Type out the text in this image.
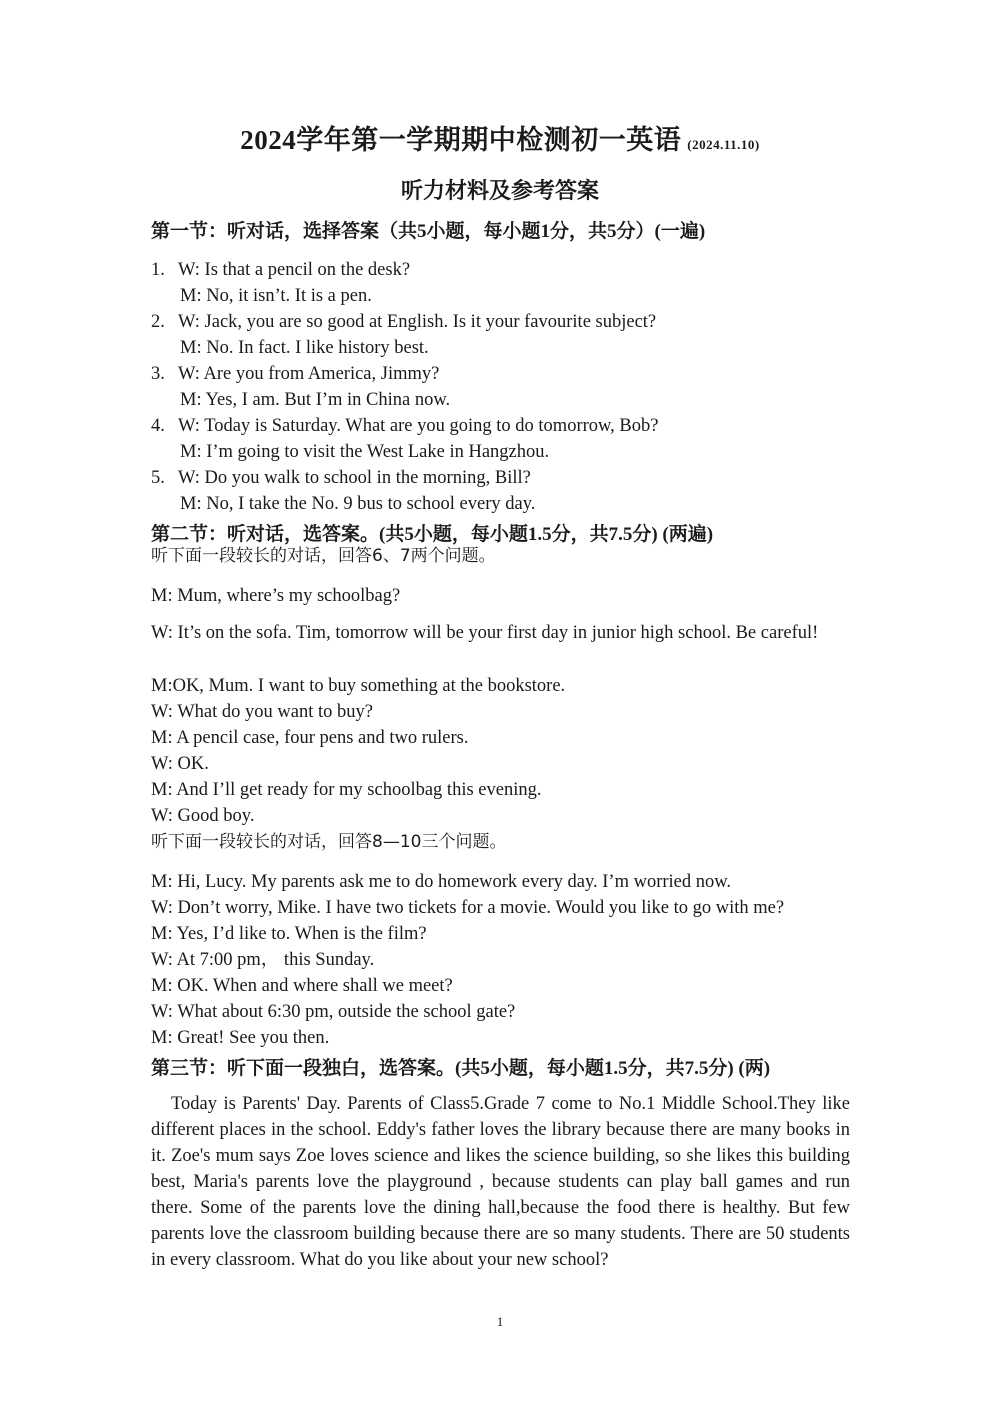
2024学年第一学期期中检测初一英语 (2024.11.10)
听力材料及参考答案
第一节：听对话，选择答案（共5小题，每小题1分，共5分）(一遍)
1. W: Is that a pencil on the desk?
M: No, it isn’t. It is a pen.
2. W: Jack, you are so good at English. Is it your favourite subject?
M: No. In fact. I like history best.
3. W: Are you from America, Jimmy?
M: Yes, I am. But I’m in China now.
4. W: Today is Saturday. What are you going to do tomorrow, Bob?
M: I’m going to visit the West Lake in Hangzhou.
5. W: Do you walk to school in the morning, Bill?
M: No, I take the No. 9 bus to school every day.
第二节：听对话，选答案。(共5小题，每小题1.5分，共7.5分) (两遍)
听下面一段较长的对话，回答6、7两个问题。
M: Mum, where’s my schoolbag?
W: It’s on the sofa. Tim, tomorrow will be your first day in junior high school. Be careful!
M:OK, Mum. I want to buy something at the bookstore.
W: What do you want to buy?
M: A pencil case, four pens and two rulers.
W: OK.
M: And I’ll get ready for my schoolbag this evening.
W: Good boy.
听下面一段较长的对话，回答8—10三个问题。
M: Hi, Lucy. My parents ask me to do homework every day. I’m worried now.
W: Don’t worry, Mike. I have two tickets for a movie. Would you like to go with me?
M: Yes, I’d like to. When is the film?
W: At 7:00 pm， this Sunday.
M: OK. When and where shall we meet?
W: What about 6:30 pm, outside the school gate?
M: Great! See you then.
第三节：听下面一段独白，选答案。(共5小题，每小题1.5分，共7.5分) (两)
Today is Parents' Day. Parents of Class5.Grade 7 come to No.1 Middle School.They like different places in the school. Eddy's father loves the library because there are many books in it. Zoe's mum says Zoe loves science and likes the science building, so she likes this building best, Maria's parents love the playground , because students can play ball games and run there. Some of the parents love the dining hall,because the food there is healthy. But few parents love the classroom building because there are so many students. There are 50 students in every classroom. What do you like about your new school?
1
